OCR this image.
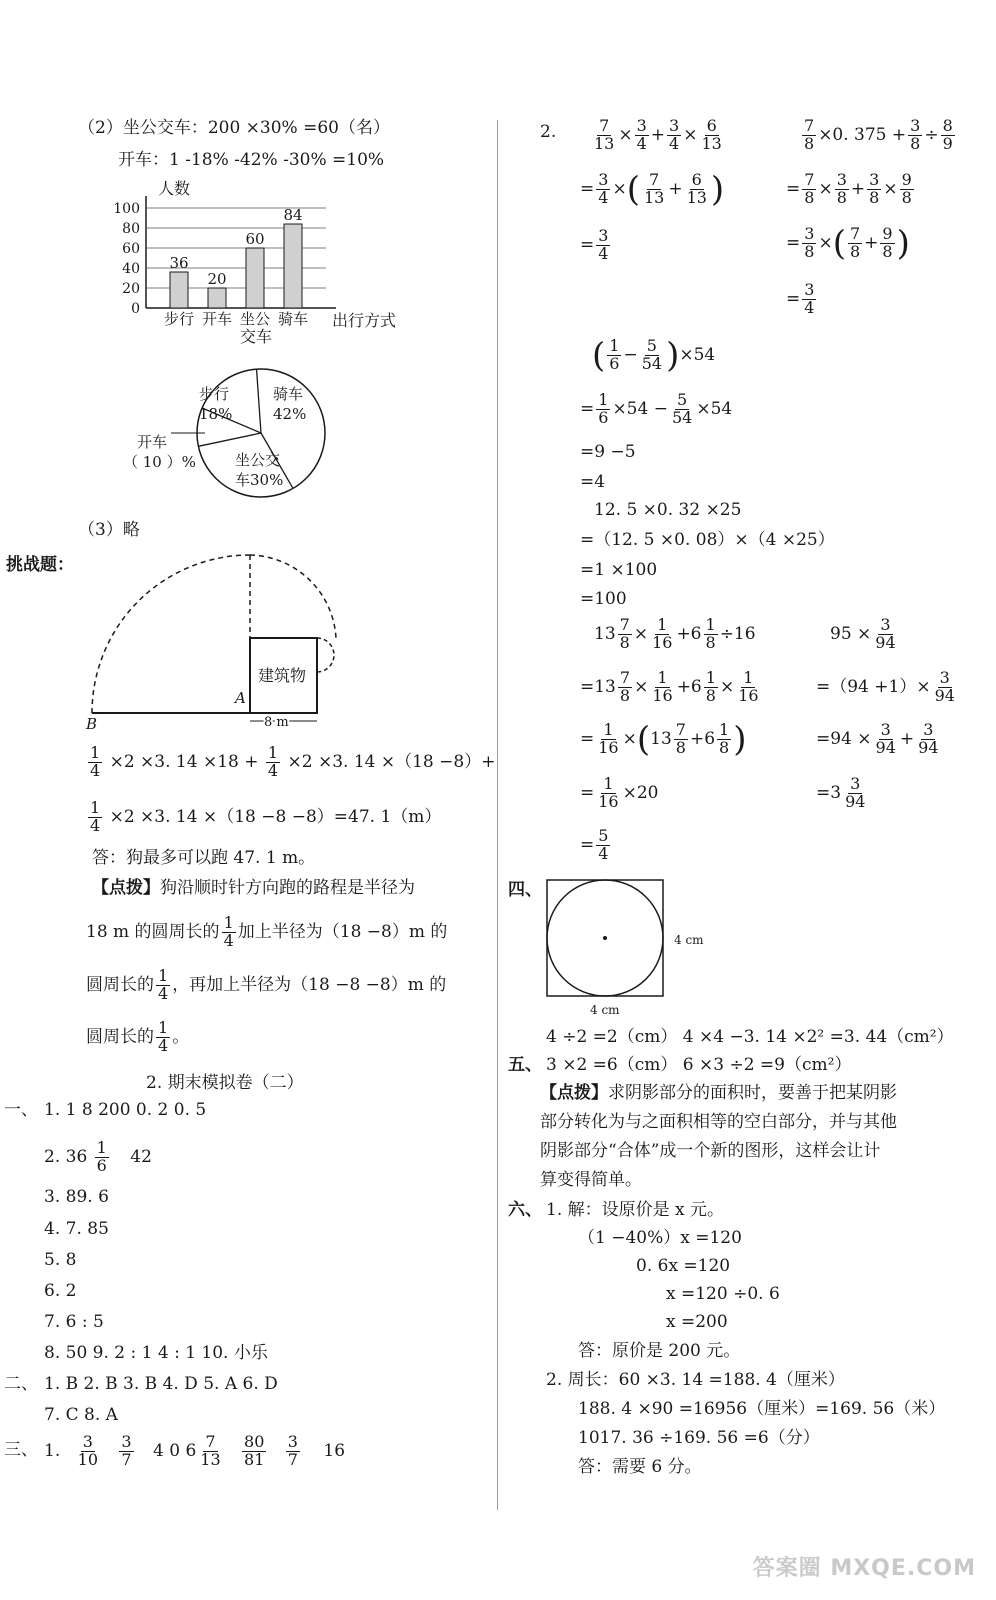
（2）坐公交车：200 ×30% =60（名）
开车：1 -18% -42% -30% =10%
人数
出行方式
交车
0
20
40
60
80
100
36
步行
20
开车
60
坐公
84
骑车
步行
18%
骑车
42%
坐公交
车30%
开车
（ 10 ）%
（3）略
挑战题：
建筑物
A
B	8 m
$\frac{1}{4} \times 2 \times 3$. $14 \times 18 + \frac{1}{4} \times 2 \times 3$. 14 ×（18 −8）+
$\frac{1}{4} \times 2 \times 3$. 14 ×（18 −8 −8）=47. 1（m）
答：狗最多可以跑 47. 1 m。
【点拨】狗沿顺时针方向跑的路程是半径为
18 m 的圆周长的 $\frac{1}{4}$ 加上半径为（18 −8）m 的
圆周长的 $\frac{1}{4}$ ，再加上半径为（18 −8 −8）m 的
圆周长的 $\frac{1}{4}$ 。
2. 期末模拟卷（二）
一、 1. 1 8 200 0. 2 0. 5
2. $36 \frac{1}{6} 42$
3. 89. 6
4. 7. 85
5. 8
6. 2
7. 6 : 5
8. 50 9. 2 : 1 4 : 1 10. 小乐
二、 1. B 2. B 3. B 4. D 5. A 6. D
7. C 8. A
三、 1. $\frac{3}{10}$
$\frac{3}{7} 4$ 0 $6 \frac{7}{13}$
$\frac{80}{81}$
$\frac{3}{7} 16$
2. $\frac{7}{13} \times \frac{3}{4} + \frac{3}{4} \times \frac{6}{13}$
= $\frac{3}{4}$ ×( $\frac{7}{13} + \frac{6}{13}$ )
= $\frac{3}{4}$
$\frac{7}{8} \times 0$. $375 + \frac{3}{8} \div \frac{8}{9}$
= $\frac{7}{8} \times \frac{3}{8} + \frac{3}{8} \times \frac{9}{8}$
= $\frac{3}{8}$ ×( $\frac{7}{8} + \frac{9}{8}$ )
= $\frac{3}{4}$
( $\frac{1}{6} - \frac{5}{54} )\times 54$
= $\frac{1}{6} \times 54 - \frac{5}{54} \times 54$
=9 −5
=4
12. 5 ×0. 32 ×25
=（12. 5 ×0. 08）×（4 ×25）
=1 ×100
=100
$13 \frac{7}{8} \times \frac{1}{16} +6 \frac{1}{8} \div 16$
$=13 \frac{7}{8} \times \frac{1}{16} +6 \frac{1}{8} \times \frac{1}{16}$
= $\frac{1}{16} \times(13 \frac{7}{8} +6 \frac{1}{8}$ )
= $\frac{1}{16} \times 20$
= $\frac{5}{4}$
$95 \times \frac{3}{94}$
$=(94 +1)\times \frac{3}{94}$
$=94 \times \frac{3}{94} + \frac{3}{94}$
$=3 \frac{3}{94}$
四、
4 cm
4 cm
4 ÷2 =2（cm） 4 ×4 −3. 14 ×2² =3. 44（cm²）
五、 3 ×2 =6（cm） 6 ×3 ÷2 =9（cm²）
【点拨】求阴影部分的面积时，要善于把某阴影
部分转化为与之面积相等的空白部分，并与其他
阴影部分“合体”成一个新的图形，这样会让计
算变得简单。
六、 1. 解：设原价是 x 元。
（1 −40%）x =120
0. 6x =120
x =120 ÷0. 6
x =200
答：原价是 200 元。
2. 周长：60 ×3. 14 =188. 4（厘米）
188. 4 ×90 =16956（厘米）=169. 56（米）
1017. 36 ÷169. 56 =6（分）
答：需要 6 分。
答案圈 MXQE.COM
